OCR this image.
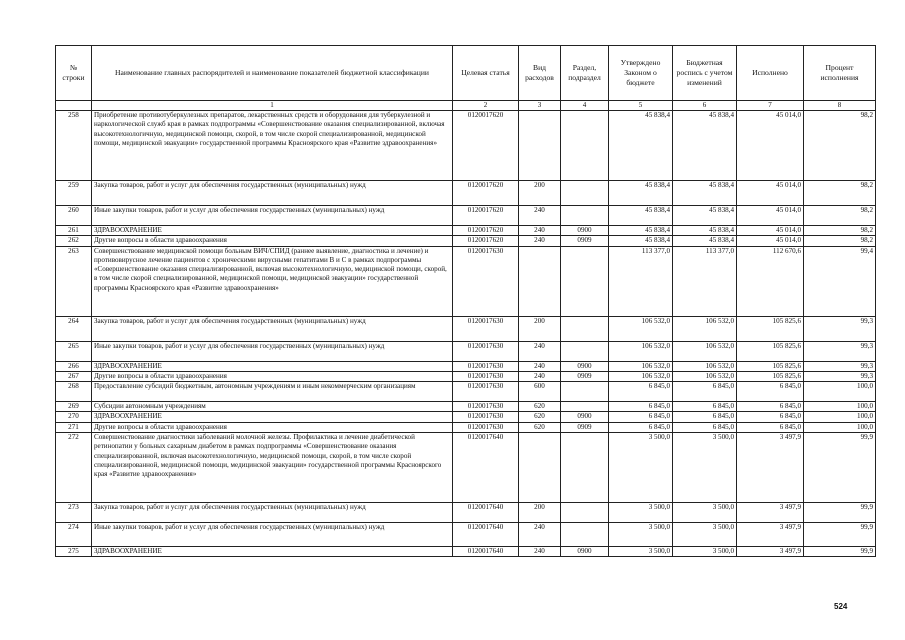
№ строки	Наименование главных распорядителей и наименование показателей бюджетной классификации	Целевая статья	Вид расходов	Раздел, подраздел	Утверждено Законом о бюджете	Бюджетная роспись с учетом изменений	Исполнено	Процент исполнения
	1	2	3	4	5	6	7	8
258	Приобретение противотуберкулезных препаратов, лекарственных средств и оборудования для туберкулезной и наркологической служб края в рамках подпрограммы «Совершенствование оказания специализированной, включая высокотехнологичную, медицинской помощи, скорой, в том числе скорой специализированной, медицинской помощи, медицинской эвакуации» государственной программы Красноярского края «Развитие здравоохранения»	0120017620			45 838,4	45 838,4	45 014,0	98,2
259	Закупка товаров, работ и услуг для обеспечения государственных (муниципальных) нужд	0120017620	200		45 838,4	45 838,4	45 014,0	98,2
260	Иные закупки товаров, работ и услуг для обеспечения государственных (муниципальных) нужд	0120017620	240		45 838,4	45 838,4	45 014,0	98,2
261	ЗДРАВООХРАНЕНИЕ	0120017620	240	0900	45 838,4	45 838,4	45 014,0	98,2
262	Другие вопросы в области здравоохранения	0120017620	240	0909	45 838,4	45 838,4	45 014,0	98,2
263	Совершенствование медицинской помощи больным ВИЧ/СПИД (раннее выявление, диагностика и лечение) и противовирусное лечение пациентов с хроническими вирусными гепатитами В и С в рамках подпрограммы «Совершенствование оказания специализированной, включая высокотехнологичную, медицинской помощи, скорой, в том числе скорой специализированной, медицинской помощи, медицинской эвакуации» государственной программы Красноярского края «Развитие здравоохранения»	0120017630			113 377,0	113 377,0	112 670,6	99,4
264	Закупка товаров, работ и услуг для обеспечения государственных (муниципальных) нужд	0120017630	200		106 532,0	106 532,0	105 825,6	99,3
265	Иные закупки товаров, работ и услуг для обеспечения государственных (муниципальных) нужд	0120017630	240		106 532,0	106 532,0	105 825,6	99,3
266	ЗДРАВООХРАНЕНИЕ	0120017630	240	0900	106 532,0	106 532,0	105 825,6	99,3
267	Другие вопросы в области здравоохранения	0120017630	240	0909	106 532,0	106 532,0	105 825,6	99,3
268	Предоставление субсидий бюджетным, автономным учреждениям и иным некоммерческим организациям	0120017630	600		6 845,0	6 845,0	6 845,0	100,0
269	Субсидии автономным учреждениям	0120017630	620		6 845,0	6 845,0	6 845,0	100,0
270	ЗДРАВООХРАНЕНИЕ	0120017630	620	0900	6 845,0	6 845,0	6 845,0	100,0
271	Другие вопросы в области здравоохранения	0120017630	620	0909	6 845,0	6 845,0	6 845,0	100,0
272	Совершенствование диагностики заболеваний молочной железы. Профилактика и лечение диабетической ретинопатии у больных сахарным диабетом в рамках подпрограммы «Совершенствование оказания специализированной, включая высокотехнологичную, медицинской помощи, скорой, в том числе скорой специализированной, медицинской помощи, медицинской эвакуации» государственной программы Красноярского края «Развитие здравоохранения»	0120017640			3 500,0	3 500,0	3 497,9	99,9
273	Закупка товаров, работ и услуг для обеспечения государственных (муниципальных) нужд	0120017640	200		3 500,0	3 500,0	3 497,9	99,9
274	Иные закупки товаров, работ и услуг для обеспечения государственных (муниципальных) нужд	0120017640	240		3 500,0	3 500,0	3 497,9	99,9
275	ЗДРАВООХРАНЕНИЕ	0120017640	240	0900	3 500,0	3 500,0	3 497,9	99,9
524
